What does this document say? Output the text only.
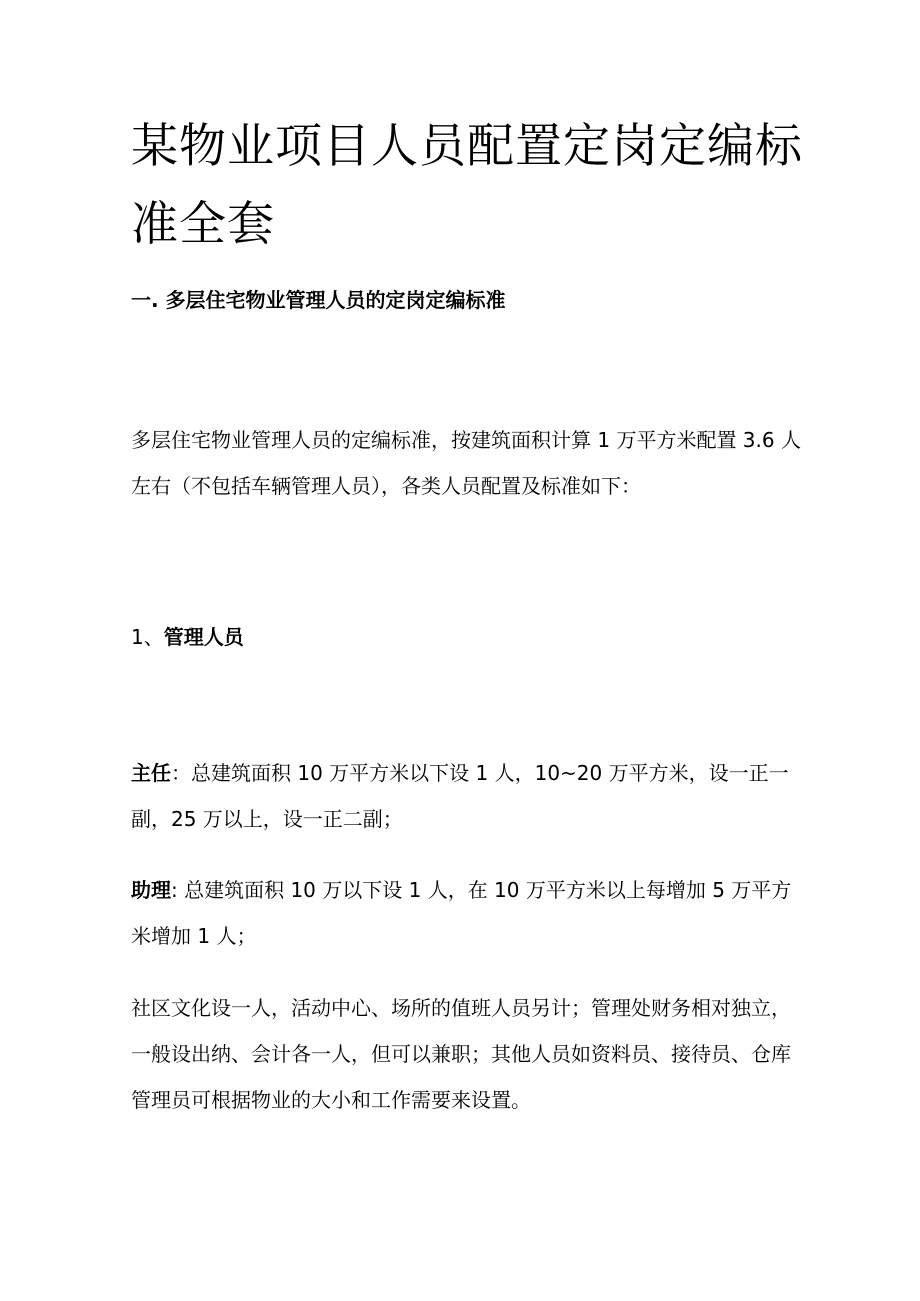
某物业项目人员配置定岗定编标准全套
一. 多层住宅物业管理人员的定岗定编标准

多层住宅物业管理人员的定编标准，按建筑面积计算 1 万平方米配置 3.6 人左右（不包括车辆管理人员），各类人员配置及标准如下：

1、管理人员

主任：总建筑面积 10 万平方米以下设 1 人，10~20 万平方米，设一正一副，25 万以上，设一正二副；

助理: 总建筑面积 10 万以下设 1 人，在 10 万平方米以上每增加 5 万平方米增加 1 人；

社区文化设一人，活动中心、场所的值班人员另计；管理处财务相对独立，一般设出纳、会计各一人，但可以兼职；其他人员如资料员、接待员、仓库管理员可根据物业的大小和工作需要来设置。
